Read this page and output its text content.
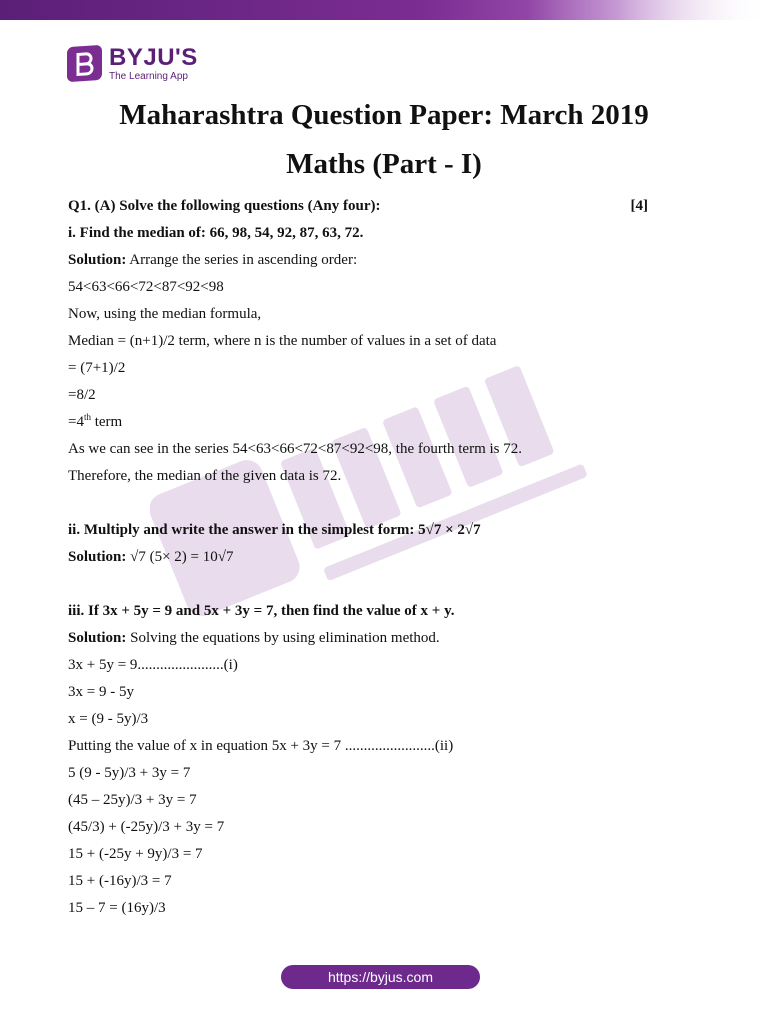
BYJU'S
The Learning App
Maharashtra Question Paper: March 2019
Maths (Part - I)
Q1. (A) Solve the following questions (Any four):	[4]
i. Find the median of: 66, 98, 54, 92, 87, 63, 72.
Solution: Arrange the series in ascending order:
54<63<66<72<87<92<98
Now, using the median formula,
Median = (n+1)/2 term, where n is the number of values in a set of data
= (7+1)/2
=8/2
=4th term
As we can see in the series 54<63<66<72<87<92<98, the fourth term is 72.
Therefore, the median of the given data is 72.
ii. Multiply and write the answer in the simplest form: 5√7 × 2√7
Solution: √7 (5× 2) = 10√7
iii. If 3x + 5y = 9 and 5x + 3y = 7, then find the value of x + y.
Solution: Solving the equations by using elimination method.
3x + 5y = 9.......................(i)
3x = 9 - 5y
x = (9 - 5y)/3
Putting the value of x in equation 5x + 3y = 7 ........................(ii)
5 (9 - 5y)/3 + 3y = 7
(45 – 25y)/3 + 3y = 7
(45/3) + (-25y)/3 + 3y = 7
15 + (-25y + 9y)/3 = 7
15 + (-16y)/3 = 7
15 – 7 = (16y)/3
https://byjus.com
